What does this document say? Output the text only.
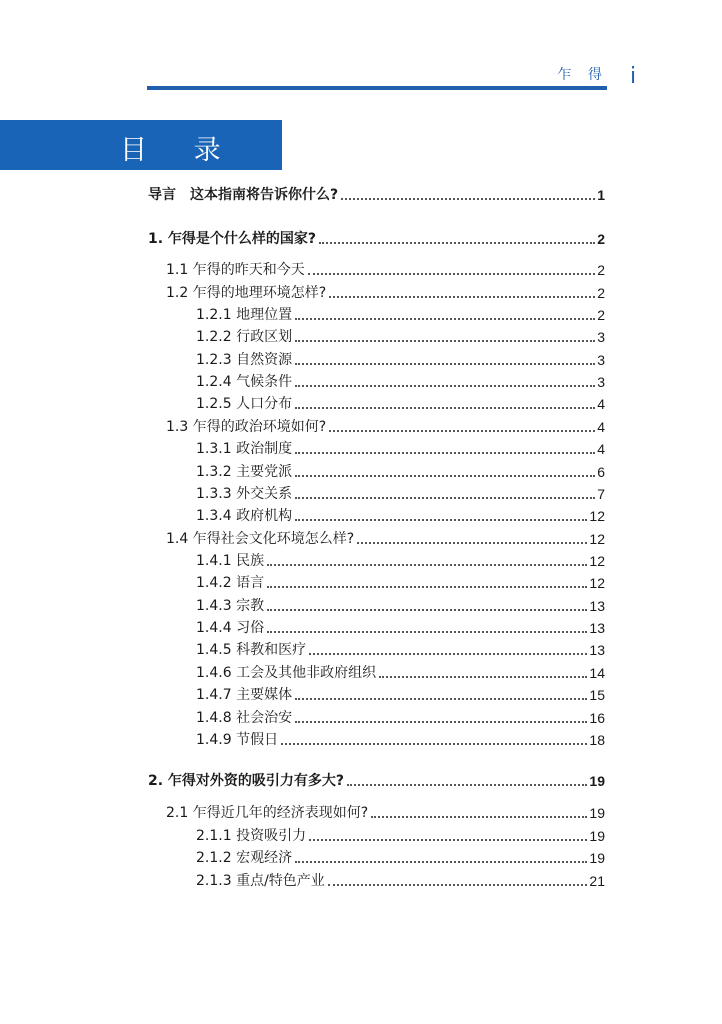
乍 得 i
目 录
导言　这本指南将告诉你什么?	1
1. 乍得是个什么样的国家?	2
1.1 乍得的昨天和今天	2
1.2 乍得的地理环境怎样?	2
1.2.1 地理位置	2
1.2.2 行政区划	3
1.2.3 自然资源	3
1.2.4 气候条件	3
1.2.5 人口分布	4
1.3 乍得的政治环境如何?	4
1.3.1 政治制度	4
1.3.2 主要党派	6
1.3.3 外交关系	7
1.3.4 政府机构	12
1.4 乍得社会文化环境怎么样?	12
1.4.1 民族	12
1.4.2 语言	12
1.4.3 宗教	13
1.4.4 习俗	13
1.4.5 科教和医疗	13
1.4.6 工会及其他非政府组织	14
1.4.7 主要媒体	15
1.4.8 社会治安	16
1.4.9 节假日	18
2. 乍得对外资的吸引力有多大?	19
2.1 乍得近几年的经济表现如何?	19
2.1.1 投资吸引力	19
2.1.2 宏观经济	19
2.1.3 重点/特色产业	21
